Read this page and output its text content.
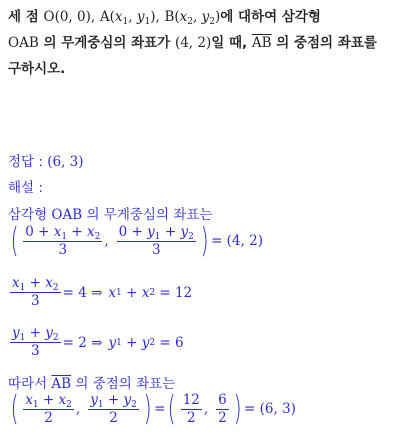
세 점 O(0, 0), $A(x_1$, $y_1$), $B(x_2$, $y_2$)에 대하여 삼각형
OAB 의 무게중심의 좌표가 (4, 2)일 때, $\overline{AB}$ 의 중점의 좌표를
구하시오.
정답 : (6, 3)
해설 :
삼각형 OAB 의 무게중심의 좌표는
( $\frac{0 + x_1 + x_2}{3}$ , $\frac{0 + y_1 + y_2}{3}$ ) = (4, 2)
$\frac{x_1 + x_2}{3} = 4$ ⇒ x 1 + x 2
= 12
$\frac{y_1 + y_2}{3} = 2$ ⇒ y 1 + y 2
= 6
따라서 $\overline{AB}$ 의 중점의 좌표는
( $\frac{x_1 + x_2}{2}$ , $\frac{y_1 + y_2}{2}$ ) = ( $\frac{12}{2}$ , $\frac{6}{2}$ ) = (6, 3)
